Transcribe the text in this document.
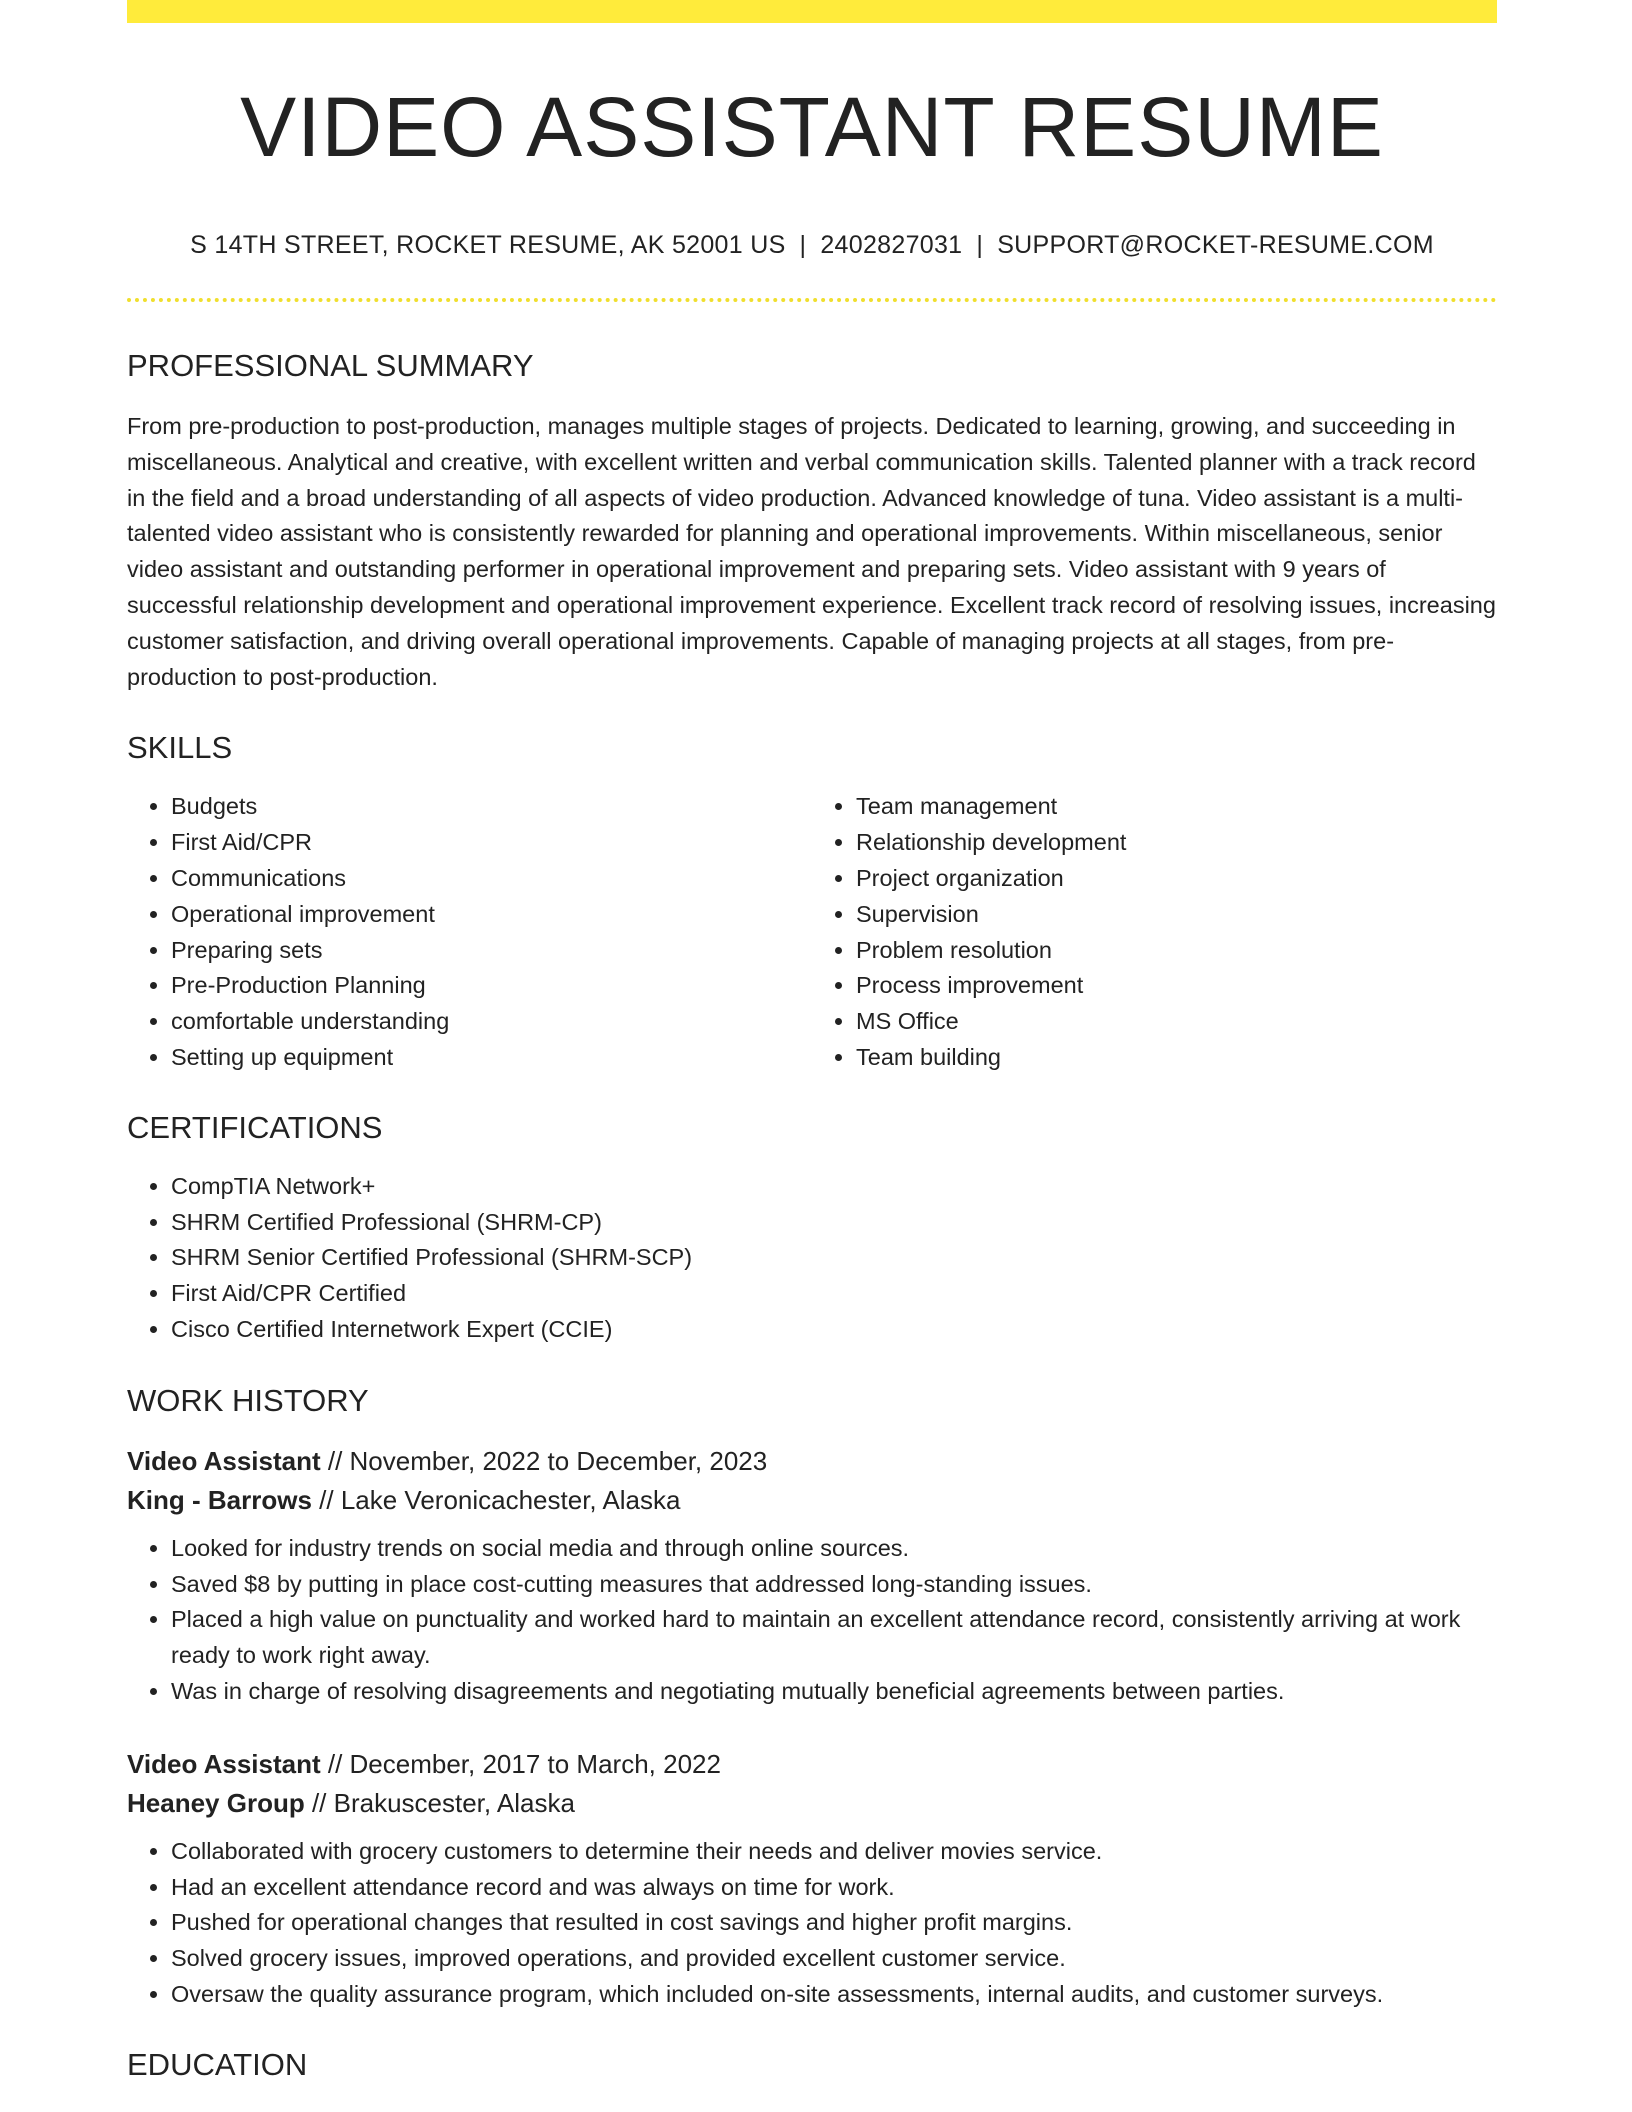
VIDEO ASSISTANT RESUME
S 14TH STREET, ROCKET RESUME, AK 52001 US | 2402827031 | SUPPORT@ROCKET-RESUME.COM
PROFESSIONAL SUMMARY

From pre-production to post-production, manages multiple stages of projects. Dedicated to learning, growing, and succeeding in miscellaneous. Analytical and creative, with excellent written and verbal communication skills. Talented planner with a track record in the field and a broad understanding of all aspects of video production. Advanced knowledge of tuna. Video assistant is a multi-talented video assistant who is consistently rewarded for planning and operational improvements. Within miscellaneous, senior video assistant and outstanding performer in operational improvement and preparing sets. Video assistant with 9 years of successful relationship development and operational improvement experience. Excellent track record of resolving issues, increasing customer satisfaction, and driving overall operational improvements. Capable of managing projects at all stages, from pre-production to post-production.

SKILLS
• Budgets
• First Aid/CPR
• Communications
• Operational improvement
• Preparing sets
• Pre-Production Planning
• comfortable understanding
• Setting up equipment
• Team management
• Relationship development
• Project organization
• Supervision
• Problem resolution
• Process improvement
• MS Office
• Team building
CERTIFICATIONS
• CompTIA Network+
• SHRM Certified Professional (SHRM-CP)
• SHRM Senior Certified Professional (SHRM-SCP)
• First Aid/CPR Certified
• Cisco Certified Internetwork Expert (CCIE)
WORK HISTORY
Video Assistant // November, 2022 to December, 2023
King - Barrows // Lake Veronicachester, Alaska
• Looked for industry trends on social media and through online sources.
• Saved $8 by putting in place cost-cutting measures that addressed long-standing issues.
• Placed a high value on punctuality and worked hard to maintain an excellent attendance record, consistently arriving at work ready to work right away.
• Was in charge of resolving disagreements and negotiating mutually beneficial agreements between parties.
Video Assistant // December, 2017 to March, 2022
Heaney Group // Brakuscester, Alaska
• Collaborated with grocery customers to determine their needs and deliver movies service.
• Had an excellent attendance record and was always on time for work.
• Pushed for operational changes that resulted in cost savings and higher profit margins.
• Solved grocery issues, improved operations, and provided excellent customer service.
• Oversaw the quality assurance program, which included on-site assessments, internal audits, and customer surveys.
EDUCATION
